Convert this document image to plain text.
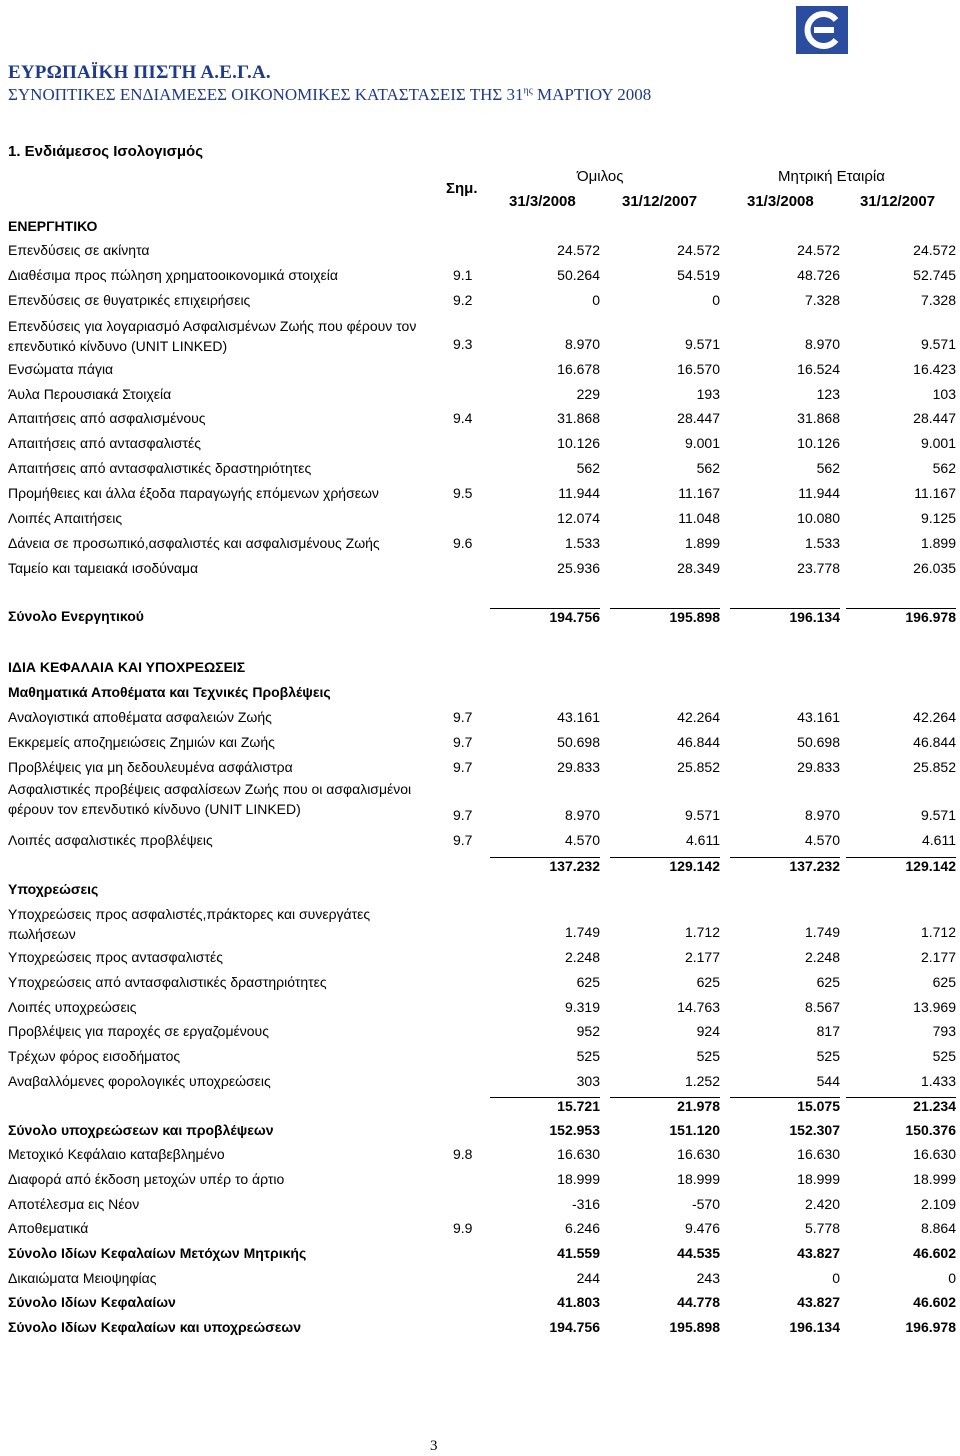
ΕΥΡΩΠΑΪΚΗ ΠΙΣΤΗ Α.Ε.Γ.Α.
ΣΥΝΟΠΤΙΚΕΣ ΕΝΔΙΑΜΕΣΕΣ ΟΙΚΟΝΟΜΙΚΕΣ ΚΑΤΑΣΤΑΣΕΙΣ ΤΗΣ $31^{\eta\varsigma}$ ΜΑΡΤΙΟΥ 2008
1. Ενδιάμεσος Ισολογισμός
Σημ.
Όμιλος	Μητρική Εταιρία
31/3/2008	31/12/2007	31/3/2008	31/12/2007
ΕΝΕΡΓΗΤΙΚΟ
Επενδύσεις σε ακίνητα	24.572	24.572	24.572	24.572
Διαθέσιμα προς πώληση χρηματοοικονομικά στοιχεία	9.1	50.264	54.519	48.726	52.745
Επενδύσεις σε θυγατρικές επιχειρήσεις	9.2	0	0	7.328	7.328
Επενδύσεις για λογαριασμό Ασφαλισμένων Ζωής που φέρουν τον
επενδυτικό κίνδυνο (UNIT LINKED)	9.3	8.970	9.571	8.970	9.571
Ενσώματα πάγια	16.678	16.570	16.524	16.423
Άυλα Περουσιακά Στοιχεία	229	193	123	103
Απαιτήσεις από ασφαλισμένους	9.4	31.868	28.447	31.868	28.447
Απαιτήσεις από αντασφαλιστές	10.126	9.001	10.126	9.001
Απαιτήσεις από αντασφαλιστικές δραστηριότητες	562	562	562	562
Προμήθειες και άλλα έξοδα παραγωγής επόμενων χρήσεων	9.5	11.944	11.167	11.944	11.167
Λοιπές Απαιτήσεις	12.074	11.048	10.080	9.125
Δάνεια σε προσωπικό,ασφαλιστές και ασφαλισμένους Ζωής	9.6	1.533	1.899	1.533	1.899
Ταμείο και ταμειακά ισοδύναμα	25.936	28.349	23.778	26.035
Σύνολο Ενεργητικού	194.756	195.898	196.134	196.978
ΙΔΙΑ ΚΕΦΑΛΑΙΑ ΚΑΙ ΥΠΟΧΡΕΩΣΕΙΣ
Μαθηματικά Αποθέματα και Τεχνικές Προβλέψεις
Αναλογιστικά αποθέματα ασφαλειών Ζωής	9.7	43.161	42.264	43.161	42.264
Εκκρεμείς αποζημειώσεις Ζημιών και Ζωής	9.7	50.698	46.844	50.698	46.844
Προβλέψεις για μη δεδουλευμένα ασφάλιστρα	9.7	29.833	25.852	29.833	25.852
Ασφαλιστικές προβέψεις ασφαλίσεων Ζωής που οι ασφαλισμένοι
φέρουν τον επενδυτικό κίνδυνο (UNIT LINKED)	9.7	8.970	9.571	8.970	9.571
Λοιπές ασφαλιστικές προβλέψεις	9.7	4.570	4.611	4.570	4.611
137.232	129.142	137.232	129.142
Υποχρεώσεις
Υποχρεώσεις προς ασφαλιστές,πράκτορες και συνεργάτες
πωλήσεων	1.749	1.712	1.749	1.712
Υποχρεώσεις προς αντασφαλιστές	2.248	2.177	2.248	2.177
Υποχρεώσεις από αντασφαλιστικές δραστηριότητες	625	625	625	625
Λοιπές υποχρεώσεις	9.319	14.763	8.567	13.969
Προβλέψεις για παροχές σε εργαζομένους	952	924	817	793
Τρέχων φόρος εισοδήματος	525	525	525	525
Αναβαλλόμενες φορολογικές υποχρεώσεις	303	1.252	544	1.433
15.721	21.978	15.075	21.234
Σύνολο υποχρεώσεων και προβλέψεων	152.953	151.120	152.307	150.376
Μετοχικό Κεφάλαιο καταβεβλημένο	9.8	16.630	16.630	16.630	16.630
Διαφορά από έκδοση μετοχών υπέρ το άρτιο	18.999	18.999	18.999	18.999
Αποτέλεσμα εις Νέον	-316	-570	2.420	2.109
Αποθεματικά	9.9	6.246	9.476	5.778	8.864
Σύνολο Ιδίων Κεφαλαίων Μετόχων Μητρικής	41.559	44.535	43.827	46.602
Δικαιώματα Μειοψηφίας	244	243	0	0
Σύνολο Ιδίων Κεφαλαίων	41.803	44.778	43.827	46.602
Σύνολο Ιδίων Κεφαλαίων και υποχρεώσεων	194.756	195.898	196.134	196.978
3
